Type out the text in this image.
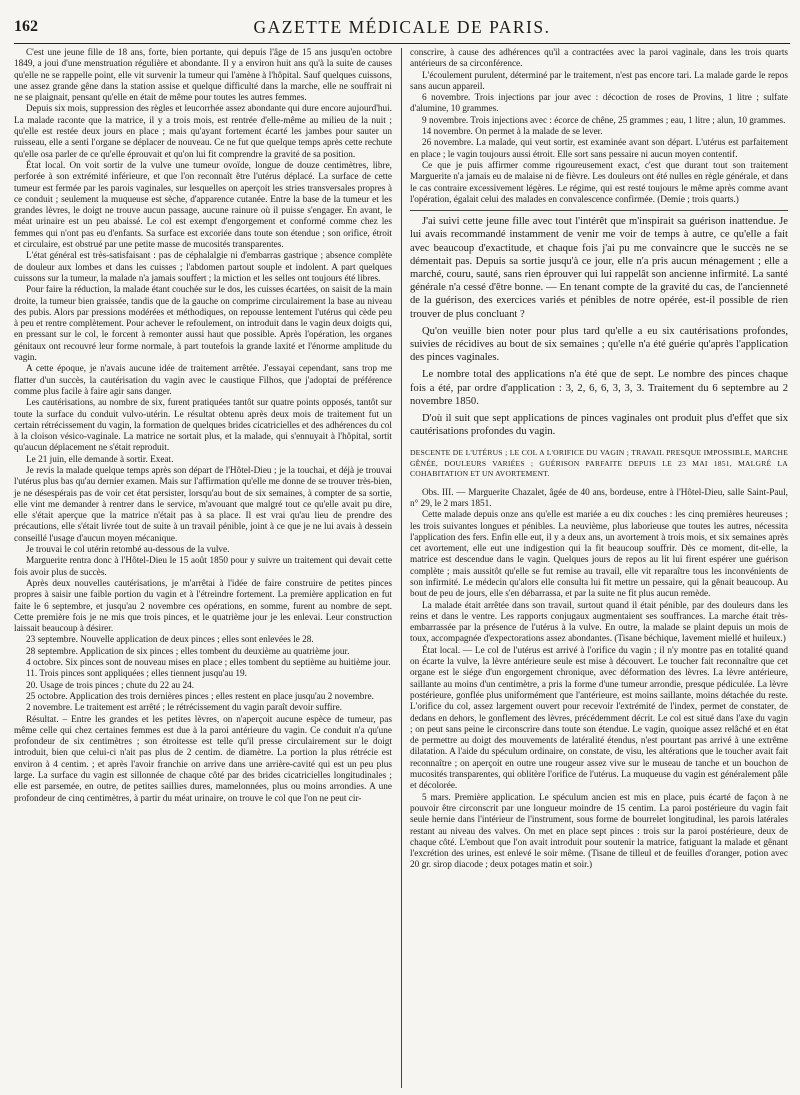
162	GAZETTE MÉDICALE DE PARIS.

C'est une jeune fille de 18 ans, forte, bien portante, qui depuis l'âge de 15 ans jusqu'en octobre 1849, a joui d'une menstruation régulière et abondante. Il y a environ huit ans qu'à la suite de causes qu'elle ne se rappelle point, elle vit survenir la tumeur qui l'amène à l'hôpital. Sauf quelques cuissons, une assez grande gêne dans la station assise et quelque difficulté dans la marche, elle ne souffrait ni ne se plaignait, pensant qu'elle en était de même pour toutes les autres femmes.

Depuis six mois, suppression des règles et leucorrhée assez abondante qui dure encore aujourd'hui. La malade raconte que la matrice, il y a trois mois, est rentrée d'elle-même au milieu de la nuit ; qu'elle est restée deux jours en place ; mais qu'ayant fortement écarté les jambes pour sauter un ruisseau, elle a senti l'organe se déplacer de nouveau. Ce ne fut que quelque temps après cette rechute qu'elle osa parler de ce qu'elle éprouvait et qu'on lui fit comprendre la gravité de sa position.

État local. On voit sortir de la vulve une tumeur ovoïde, longue de douze centimètres, libre, perforée à son extrémité inférieure, et que l'on reconnaît être l'utérus déplacé. La surface de cette tumeur est fermée par les parois vaginales, sur lesquelles on aperçoit les stries transversales propres à ce conduit ; seulement la muqueuse est sèche, d'apparence cutanée. Entre la base de la tumeur et les grandes lèvres, le doigt ne trouve aucun passage, aucune rainure où il puisse s'engager. En avant, le méat urinaire est un peu abaissé. Le col est exempt d'engorgement et conformé comme chez les femmes qui n'ont pas eu d'enfants. Sa surface est excoriée dans toute son étendue ; son orifice, étroit et circulaire, est obstrué par une petite masse de mucosités transparentes.

L'état général est très-satisfaisant : pas de céphalalgie ni d'embarras gastrique ; absence complète de douleur aux lombes et dans les cuisses ; l'abdomen partout souple et indolent. A part quelques cuissons sur la tumeur, la malade n'a jamais souffert ; la miction et les selles ont toujours été libres.

Pour faire la réduction, la malade étant couchée sur le dos, les cuisses écartées, on saisit de la main droite, la tumeur bien graissée, tandis que de la gauche on comprime circulairement la base au niveau des pubis. Alors par pressions modérées et méthodiques, on repousse lentement l'utérus qui cède peu à peu et rentre complètement. Pour achever le refoulement, on introduit dans le vagin deux doigts qui, en pressant sur le col, le forcent à remonter aussi haut que possible. Après l'opération, les organes génitaux ont recouvré leur forme normale, à part toutefois la grande laxité et l'énorme amplitude du vagin.

A cette époque, je n'avais aucune idée de traitement arrêtée. J'essayai cependant, sans trop me flatter d'un succès, la cautérisation du vagin avec le caustique Filhos, que j'adoptai de préférence comme plus facile à faire agir sans danger.

Les cautérisations, au nombre de six, furent pratiquées tantôt sur quatre points opposés, tantôt sur toute la surface du conduit vulvo-utérin. Le résultat obtenu après deux mois de traitement fut un certain rétrécissement du vagin, la formation de quelques brides cicatricielles et des adhérences du col à la cloison vésico-vaginale. La matrice ne sortait plus, et la malade, qui s'ennuyait à l'hôpital, sortit qu'aucun déplacement ne s'était reproduit.

Le 21 juin, elle demande à sortir. Exeat.

Je revis la malade quelque temps après son départ de l'Hôtel-Dieu ; je la touchai, et déjà je trouvai l'utérus plus bas qu'au dernier examen. Mais sur l'affirmation qu'elle me donne de se trouver très-bien, je ne désespérais pas de voir cet état persister, lorsqu'au bout de six semaines, à compter de sa sortie, elle vint me demander à rentrer dans le service, m'avouant que malgré tout ce qu'elle avait pu dire, elle s'était aperçue que la matrice n'était pas à sa place. Il est vrai qu'au lieu de prendre des précautions, elle s'était livrée tout de suite à un travail pénible, joint à ce que je ne lui avais à dessein conseillé l'usage d'aucun moyen mécanique.

Je trouvai le col utérin retombé au-dessous de la vulve.

Marguerite rentra donc à l'Hôtel-Dieu le 15 août 1850 pour y suivre un traitement qui devait cette fois avoir plus de succès.

Après deux nouvelles cautérisations, je m'arrêtai à l'idée de faire construire de petites pinces propres à saisir une faible portion du vagin et à l'étreindre fortement. La première application en fut faite le 6 septembre, et jusqu'au 2 novembre ces opérations, en somme, furent au nombre de sept. Cette première fois je ne mis que trois pinces, et le quatrième jour je les enlevai. Leur construction laissait beaucoup à désirer.

23 septembre. Nouvelle application de deux pinces ; elles sont enlevées le 28.

28 septembre. Application de six pinces ; elles tombent du deuxième au quatrième jour.

4 octobre. Six pinces sont de nouveau mises en place ; elles tombent du septième au huitième jour.

11. Trois pinces sont appliquées ; elles tiennent jusqu'au 19.

20. Usage de trois pinces ; chute du 22 au 24.

25 octobre. Application des trois dernières pinces ; elles restent en place jusqu'au 2 novembre.

2 novembre. Le traitement est arrêté ; le rétrécissement du vagin paraît devoir suffire.

Résultat. – Entre les grandes et les petites lèvres, on n'aperçoit aucune espèce de tumeur, pas même celle qui chez certaines femmes est due à la paroi antérieure du vagin. Ce conduit n'a qu'une profondeur de six centimètres ; son étroitesse est telle qu'il presse circulairement sur le doigt introduit, bien que celui-ci n'ait pas plus de 2 centim. de diamètre. La portion la plus rétrécie est environ à 4 centim. ; et après l'avoir franchie on arrive dans une arrière-cavité qui est un peu plus large. La surface du vagin est sillonnée de chaque côté par des brides cicatricielles longitudinales ; elle est parsemée, en outre, de petites saillies dures, mamelonnées, plus ou moins arrondies. A une profondeur de cinq centimètres, à partir du méat urinaire, on trouve le col que l'on ne peut cir-

conscrire, à cause des adhérences qu'il a contractées avec la paroi vaginale, dans les trois quarts antérieurs de sa circonférence.

L'écoulement purulent, déterminé par le traitement, n'est pas encore tari. La malade garde le repos sans aucun appareil.

6 novembre. Trois injections par jour avec : décoction de roses de Provins, 1 litre ; sulfate d'alumine, 10 grammes.

9 novembre. Trois injections avec : écorce de chêne, 25 grammes ; eau, 1 litre ; alun, 10 grammes.

14 novembre. On permet à la malade de se lever.

26 novembre. La malade, qui veut sortir, est examinée avant son départ. L'utérus est parfaitement en place ; le vagin toujours aussi étroit. Elle sort sans pessaire ni aucun moyen contentif.

Ce que je puis affirmer comme rigoureusement exact, c'est que durant tout son traitement Marguerite n'a jamais eu de malaise ni de fièvre. Les douleurs ont été nulles en règle générale, et dans le cas contraire excessivement légères. Le régime, qui est resté toujours le même après comme avant l'opération, égalait celui des malades en convalescence confirmée. (Demie ; trois quarts.)

J'ai suivi cette jeune fille avec tout l'intérêt que m'inspirait sa guérison inattendue. Je lui avais recommandé instamment de venir me voir de temps à autre, ce qu'elle a fait avec beaucoup d'exactitude, et chaque fois j'ai pu me convaincre que le succès ne se démentait pas. Depuis sa sortie jusqu'à ce jour, elle n'a pris aucun ménagement ; elle a marché, couru, sauté, sans rien éprouver qui lui rappelât son ancienne infirmité. La santé générale n'a cessé d'être bonne. — En tenant compte de la gravité du cas, de l'ancienneté de la guérison, des exercices variés et pénibles de notre opérée, est-il possible de rien trouver de plus concluant ?

Qu'on veuille bien noter pour plus tard qu'elle a eu six cautérisations profondes, suivies de récidives au bout de six semaines ; qu'elle n'a été guérie qu'après l'application des pinces vaginales.

Le nombre total des applications n'a été que de sept. Le nombre des pinces chaque fois a été, par ordre d'application : 3, 2, 6, 6, 3, 3, 3. Traitement du 6 septembre au 2 novembre 1850.

D'où il suit que sept applications de pinces vaginales ont produit plus d'effet que six cautérisations profondes du vagin.

DESCENTE DE L'UTÉRUS ; LE COL A L'ORIFICE DU VAGIN ; TRAVAIL PRESQUE IMPOSSIBLE, MARCHE GÊNÉE, DOULEURS VARIÉES ; GUÉRISON PARFAITE DEPUIS LE 23 MAI 1851, MALGRÉ LA COHABITATION ET UN AVORTEMENT.

Obs. III. — Marguerite Chazalet, âgée de 40 ans, bordeuse, entre à l'Hôtel-Dieu, salle Saint-Paul, n° 29, le 2 mars 1851.

Cette malade depuis onze ans qu'elle est mariée a eu dix couches : les cinq premières heureuses ; les trois suivantes longues et pénibles. La neuvième, plus laborieuse que toutes les autres, nécessita l'application des fers. Enfin elle eut, il y a deux ans, un avortement à trois mois, et six semaines après cet avortement, elle eut une indigestion qui la fit beaucoup souffrir. Dès ce moment, dit-elle, la matrice est descendue dans le vagin. Quelques jours de repos au lit lui firent espérer une guérison complète ; mais aussitôt qu'elle se fut remise au travail, elle vit reparaître tous les inconvénients de son infirmité. Le médecin qu'alors elle consulta lui fit mettre un pessaire, qui la gênait beaucoup. Au bout de peu de jours, elle s'en débarrassa, et par la suite ne fit plus aucun remède.

La malade était arrêtée dans son travail, surtout quand il était pénible, par des douleurs dans les reins et dans le ventre. Les rapports conjugaux augmentaient ses souffrances. La marche était très-embarrassée par la présence de l'utérus à la vulve. En outre, la malade se plaint depuis un mois de toux, accompagnée d'expectorations assez abondantes. (Tisane béchique, lavement miellé et huileux.)

État local. — Le col de l'utérus est arrivé à l'orifice du vagin ; il n'y montre pas en totalité quand on écarte la vulve, la lèvre antérieure seule est mise à découvert. Le toucher fait reconnaître que cet organe est le siége d'un engorgement chronique, avec déformation des lèvres. La lèvre antérieure, saillante au moins d'un centimètre, a pris la forme d'une tumeur arrondie, presque pédiculée. La lèvre postérieure, gonflée plus uniformément que l'antérieure, est moins saillante, moins détachée du reste. L'orifice du col, assez largement ouvert pour recevoir l'extrémité de l'index, permet de constater, de dedans en dehors, le gonflement des lèvres, précédemment décrit. Le col est situé dans l'axe du vagin ; on peut sans peine le circonscrire dans toute son étendue. Le vagin, quoique assez relâché et en état de permettre au doigt des mouvements de latéralité étendus, n'est pourtant pas arrivé à une extrême dilatation. A l'aide du spéculum ordinaire, on constate, de visu, les altérations que le toucher avait fait reconnaître ; on aperçoit en outre une rougeur assez vive sur le museau de tanche et un bouchon de mucosités transparentes, qui oblitère l'orifice de l'utérus. La muqueuse du vagin est généralement pâle et décolorée.

5 mars. Première application. Le spéculum ancien est mis en place, puis écarté de façon à ne pouvoir être circonscrit par une longueur moindre de 15 centim. La paroi postérieure du vagin fait seule hernie dans l'intérieur de l'instrument, sous forme de bourrelet longitudinal, les parois latérales restant au niveau des valves. On met en place sept pinces : trois sur la paroi postérieure, deux de chaque côté. L'embout que l'on avait introduit pour soutenir la matrice, fatiguant la malade et gênant l'excrétion des urines, est enlevé le soir même. (Tisane de tilleul et de feuilles d'oranger, potion avec 20 gr. sirop diacode ; deux potages matin et soir.)
